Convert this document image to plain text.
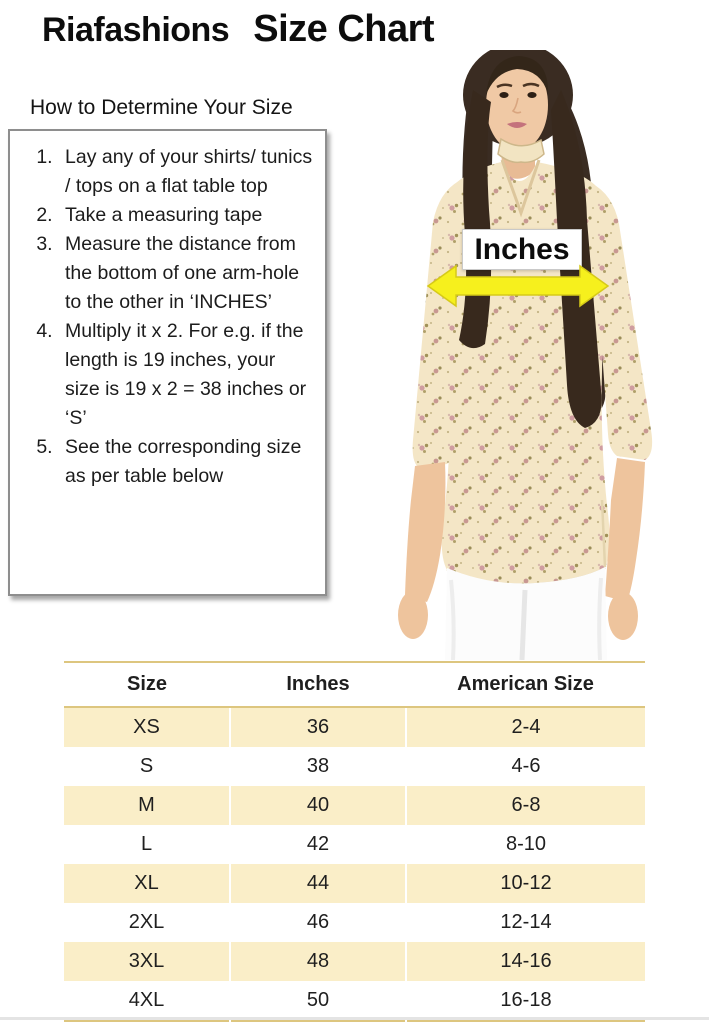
Riafashions Size Chart
How to Determine Your Size
1. Lay any of your shirts/ tunics / tops on a flat table top
2. Take a measuring tape
3. Measure the distance from the bottom of one arm-hole to the other in ‘INCHES’
4. Multiply it x 2. For e.g. if the length is 19 inches, your size is 19 x 2 = 38 inches or ‘S’
5. See the corresponding size as per table below
Inches
Size	Inches	American Size
XS	36	2-4
S	38	4-6
M	40	6-8
L	42	8-10
XL	44	10-12
2XL	46	12-14
3XL	48	14-16
4XL	50	16-18
